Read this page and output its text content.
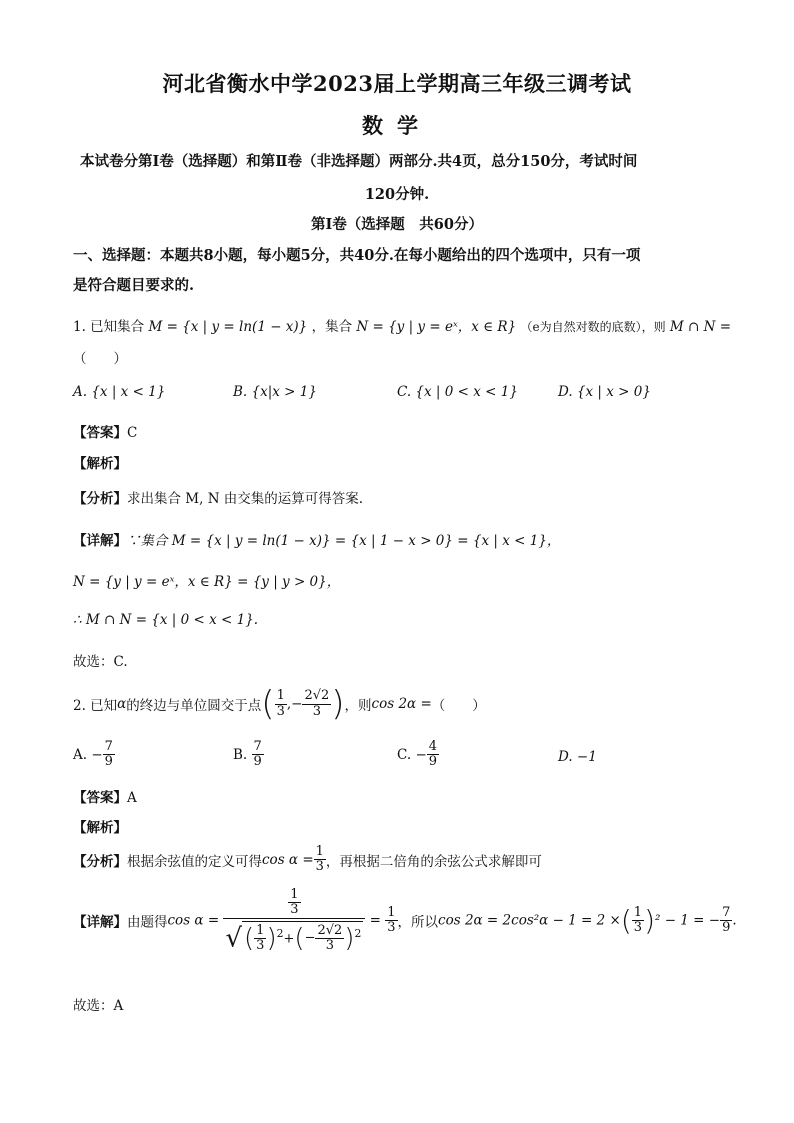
河北省衡水中学2023届上学期高三年级三调考试
数学
本试卷分第Ⅰ卷（选择题）和第Ⅱ卷（非选择题）两部分.共4页，总分150分，考试时间
120分钟.
第Ⅰ卷（选择题　共60分）
一、选择题：本题共8小题，每小题5分，共40分.在每小题给出的四个选项中，只有一项
是符合题目要求的.
1. 已知集合 M = {x | y = ln(1 − x)} ，集合 N = {y | y = eˣ，x ∈ R} （e为自然对数的底数），则 M ∩ N =
（　　）
A. {x | x < 1}	B. {x|x > 1}	C. {x | 0 < x < 1}	D. {x | x > 0}
【答案】C
【解析】
【分析】求出集合 M, N 由交集的运算可得答案.
【详解】∵集合 M = {x | y = ln(1 − x)} = {x | 1 − x > 0} = {x | x < 1}，
N = {y | y = eˣ，x ∈ R} = {y | y > 0}，
∴ M ∩ N = {x | 0 < x < 1}.
故选：C.
2. 已知α的终边与单位圆交于点( $\frac{1}{3}$ ,− $\frac{2√2}{3}$ )，则cos 2α =（　　）
A. − $\frac{7}{9}$	B. $\frac{7}{9}$	C. − $\frac{4}{9}$	D. −1
【答案】A
【解析】
【分析】根据余弦值的定义可得$\cos \alpha = \frac{1}{3}$ ，再根据二倍角的余弦公式求解即可
【详解】由题得$\cos \alpha = \frac{\frac{1}{3}}{√( \frac{1}{3} )^2+(- \frac{2√2}{3} )^2} = \frac{1}{3}$ ，所以cos 2α = 2cos²α − 1 = 2 ×( $\frac{1}{3} )^2 - 1$ = − $\frac{7}{9}$ .
故选：A
